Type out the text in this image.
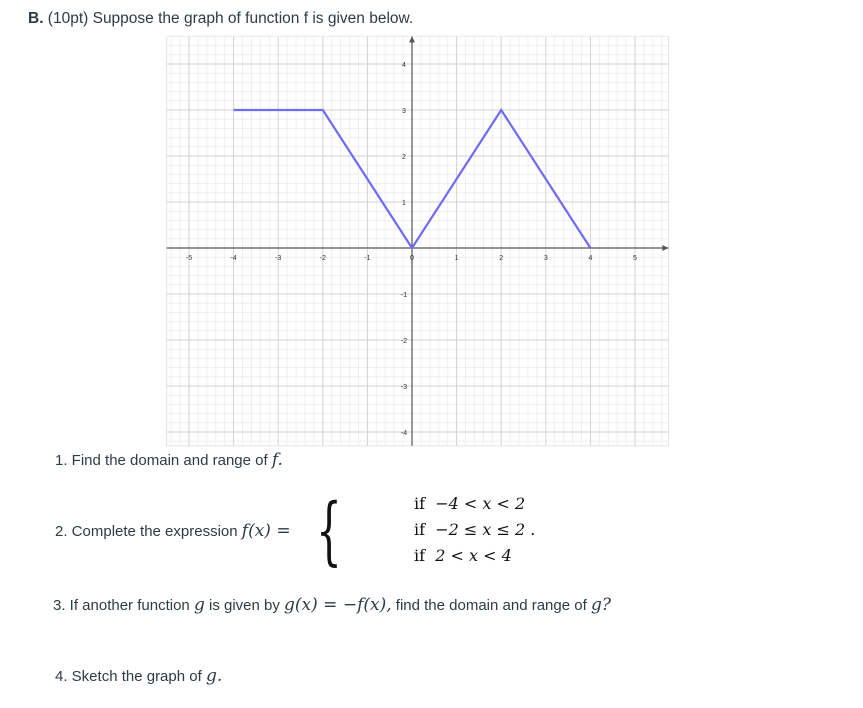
B. (10pt) Suppose the graph of function f is given below.
-5	-4	-3	-2	-1	0	1	2	3	4	5
4
3
2
1
-1
-2
-3
-4
1. Find the domain and range of f.
2. Complete the expression f(x) = {	if −4 < x < 2
if −2 ≤ x ≤ 2 .
if 2 < x < 4
3. If another function g is given by g(x) = −f(x), find the domain and range of g?
4. Sketch the graph of g.
